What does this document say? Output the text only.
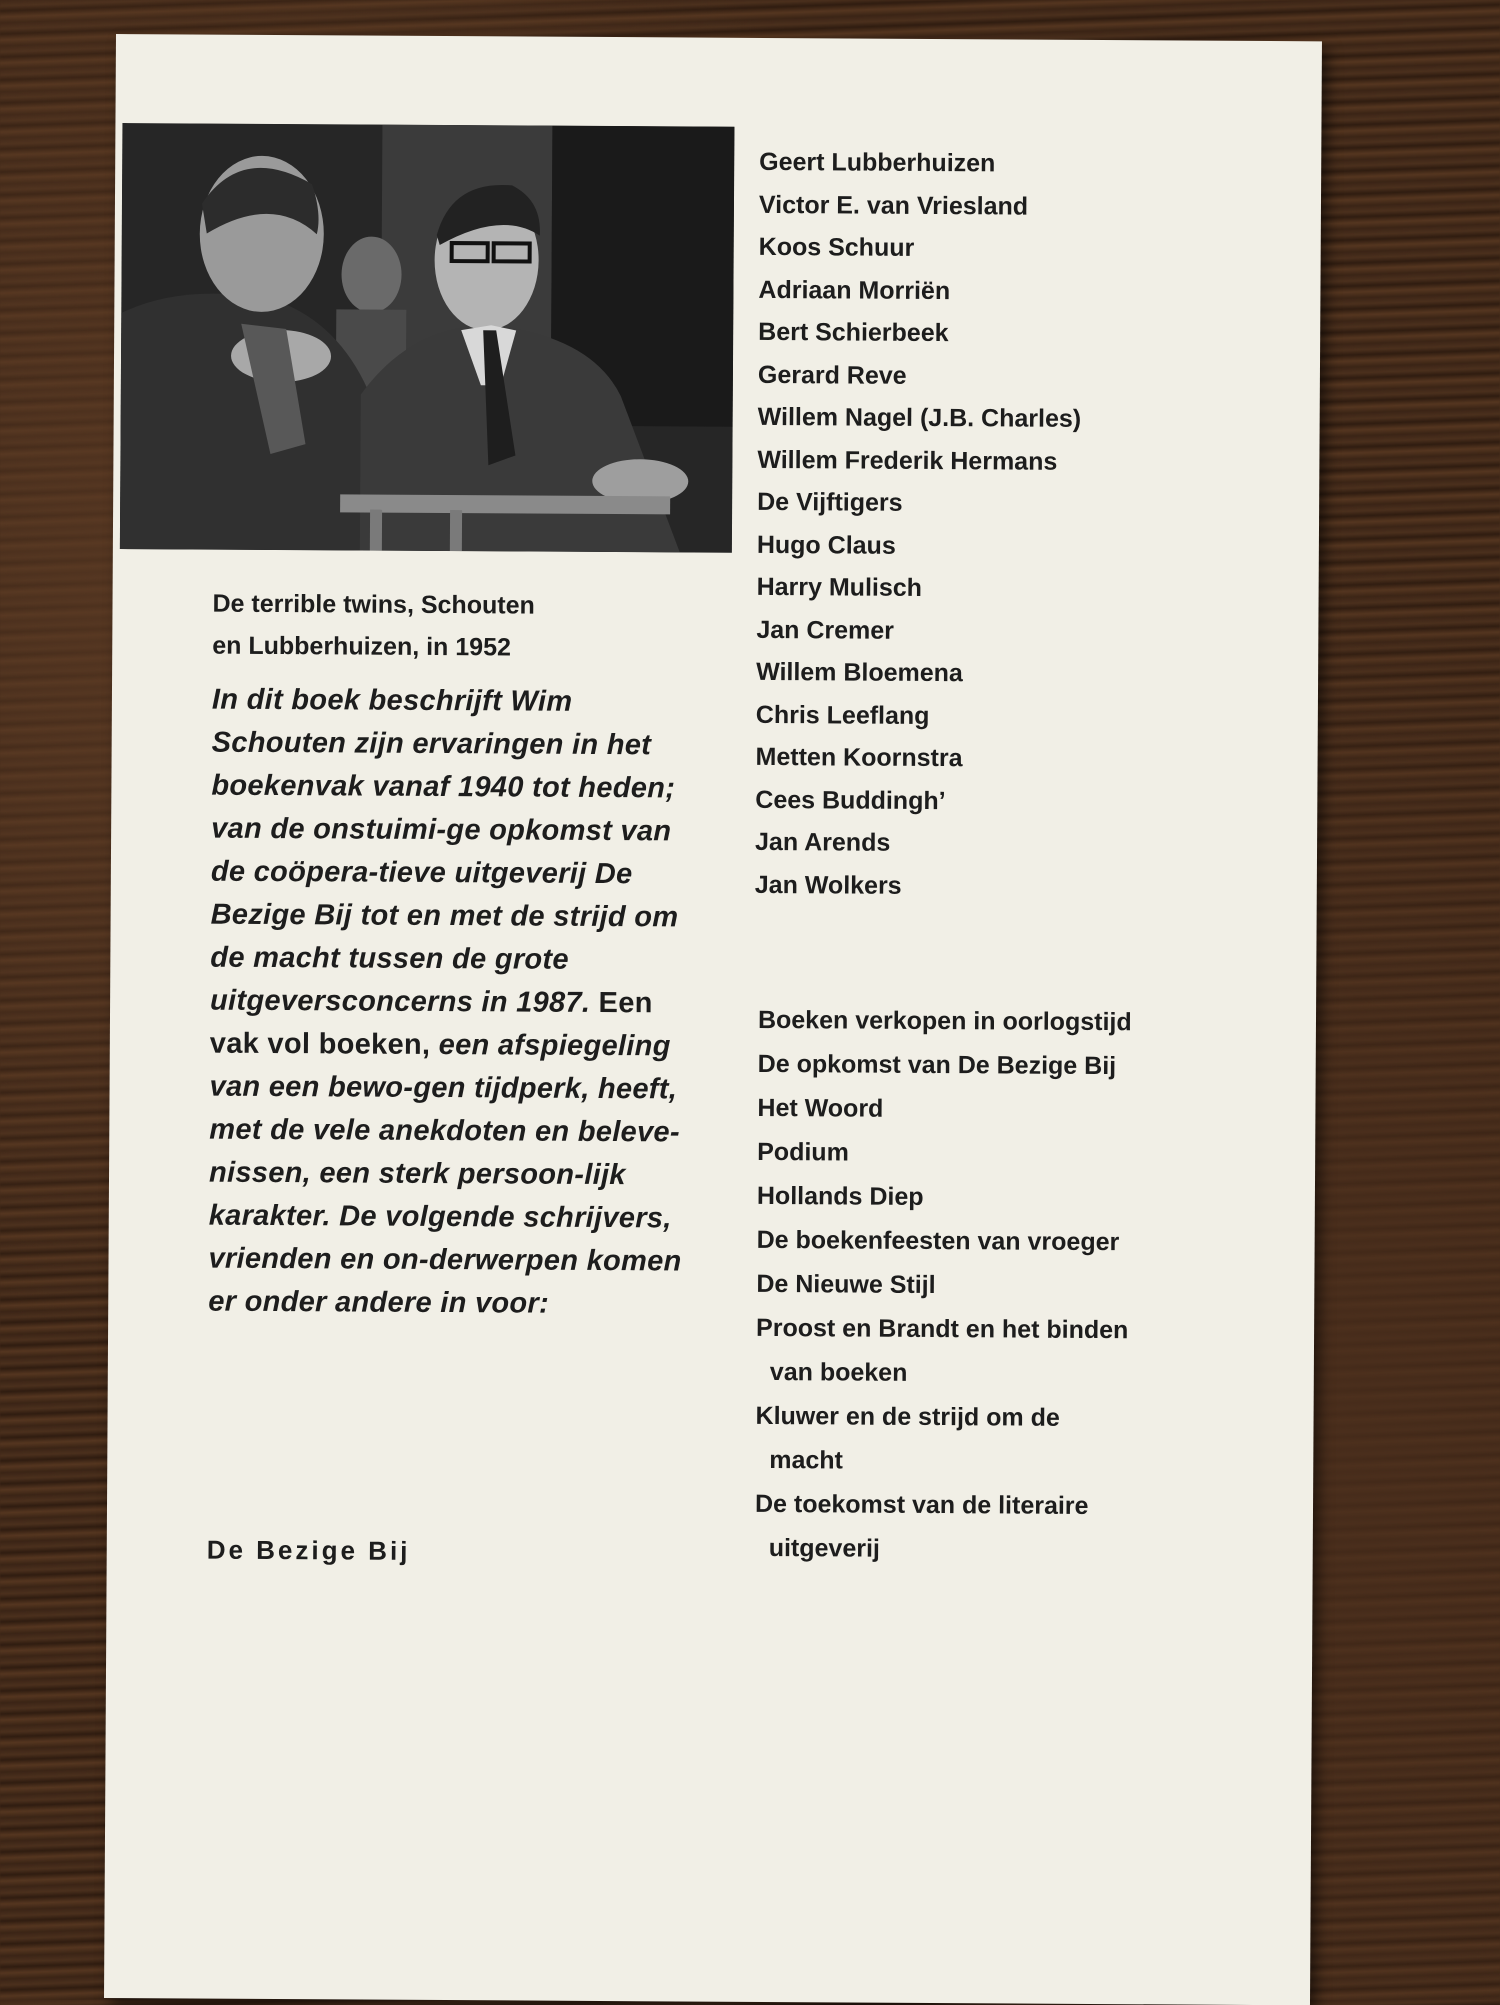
De terrible twins, Schouten
en Lubberhuizen, in 1952

In dit boek beschrijft Wim Schouten zijn ervaringen in het boekenvak vanaf 1940 tot heden; van de onstuimi-ge opkomst van de coöpera-tieve uitgeverij De Bezige Bij tot en met de strijd om de macht tussen de grote uitgeversconcerns in 1987. Een vak vol boeken, een afspiegeling van een bewo-gen tijdperk, heeft, met de vele anekdoten en beleve-nissen, een sterk persoon-lijk karakter. De volgende schrijvers, vrienden en on-derwerpen komen er onder andere in voor:

De Bezige Bij

Geert Lubberhuizen
Victor E. van Vriesland
Koos Schuur
Adriaan Morriën
Bert Schierbeek
Gerard Reve
Willem Nagel (J.B. Charles)
Willem Frederik Hermans
De Vijftigers
Hugo Claus
Harry Mulisch
Jan Cremer
Willem Bloemena
Chris Leeflang
Metten Koornstra
Cees Buddingh’
Jan Arends
Jan Wolkers
Boeken verkopen in oorlogstijd
De opkomst van De Bezige Bij
Het Woord
Podium
Hollands Diep
De boekenfeesten van vroeger
De Nieuwe Stijl
Proost en Brandt en het binden
van boeken
Kluwer en de strijd om de
macht
De toekomst van de literaire
uitgeverij
